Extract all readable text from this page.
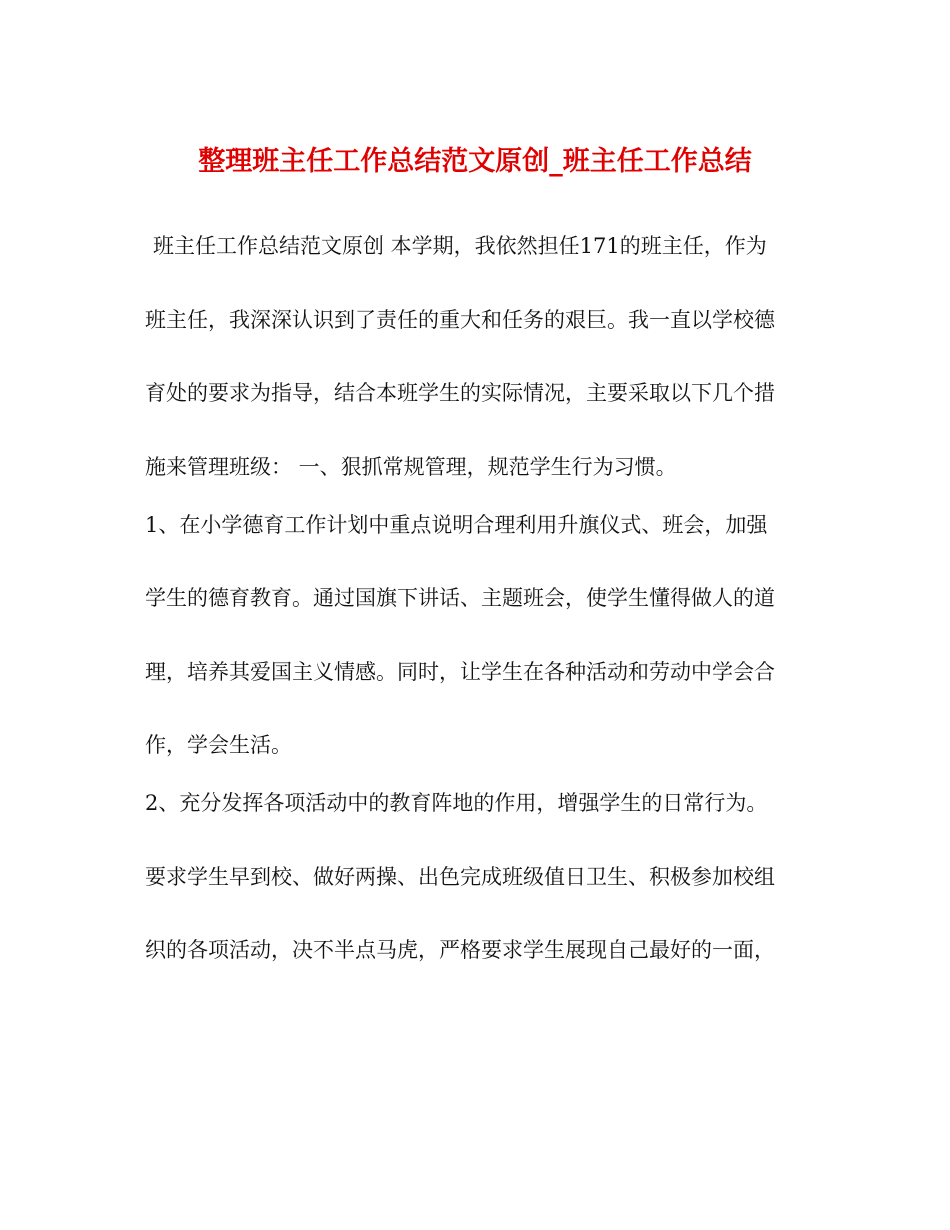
整理班主任工作总结范文原创_班主任工作总结

班主任工作总结范文原创 本学期，我依然担任171的班主任，作为

班主任，我深深认识到了责任的重大和任务的艰巨。我一直以学校德

育处的要求为指导，结合本班学生的实际情况，主要采取以下几个措

施来管理班级： 一、狠抓常规管理，规范学生行为习惯。

1、在小学德育工作计划中重点说明合理利用升旗仪式、班会，加强

学生的德育教育。通过国旗下讲话、主题班会，使学生懂得做人的道

理，培养其爱国主义情感。同时，让学生在各种活动和劳动中学会合

作，学会生活。

2、充分发挥各项活动中的教育阵地的作用，增强学生的日常行为。

要求学生早到校、做好两操、出色完成班级值日卫生、积极参加校组

织的各项活动，决不半点马虎，严格要求学生展现自己最好的一面，
